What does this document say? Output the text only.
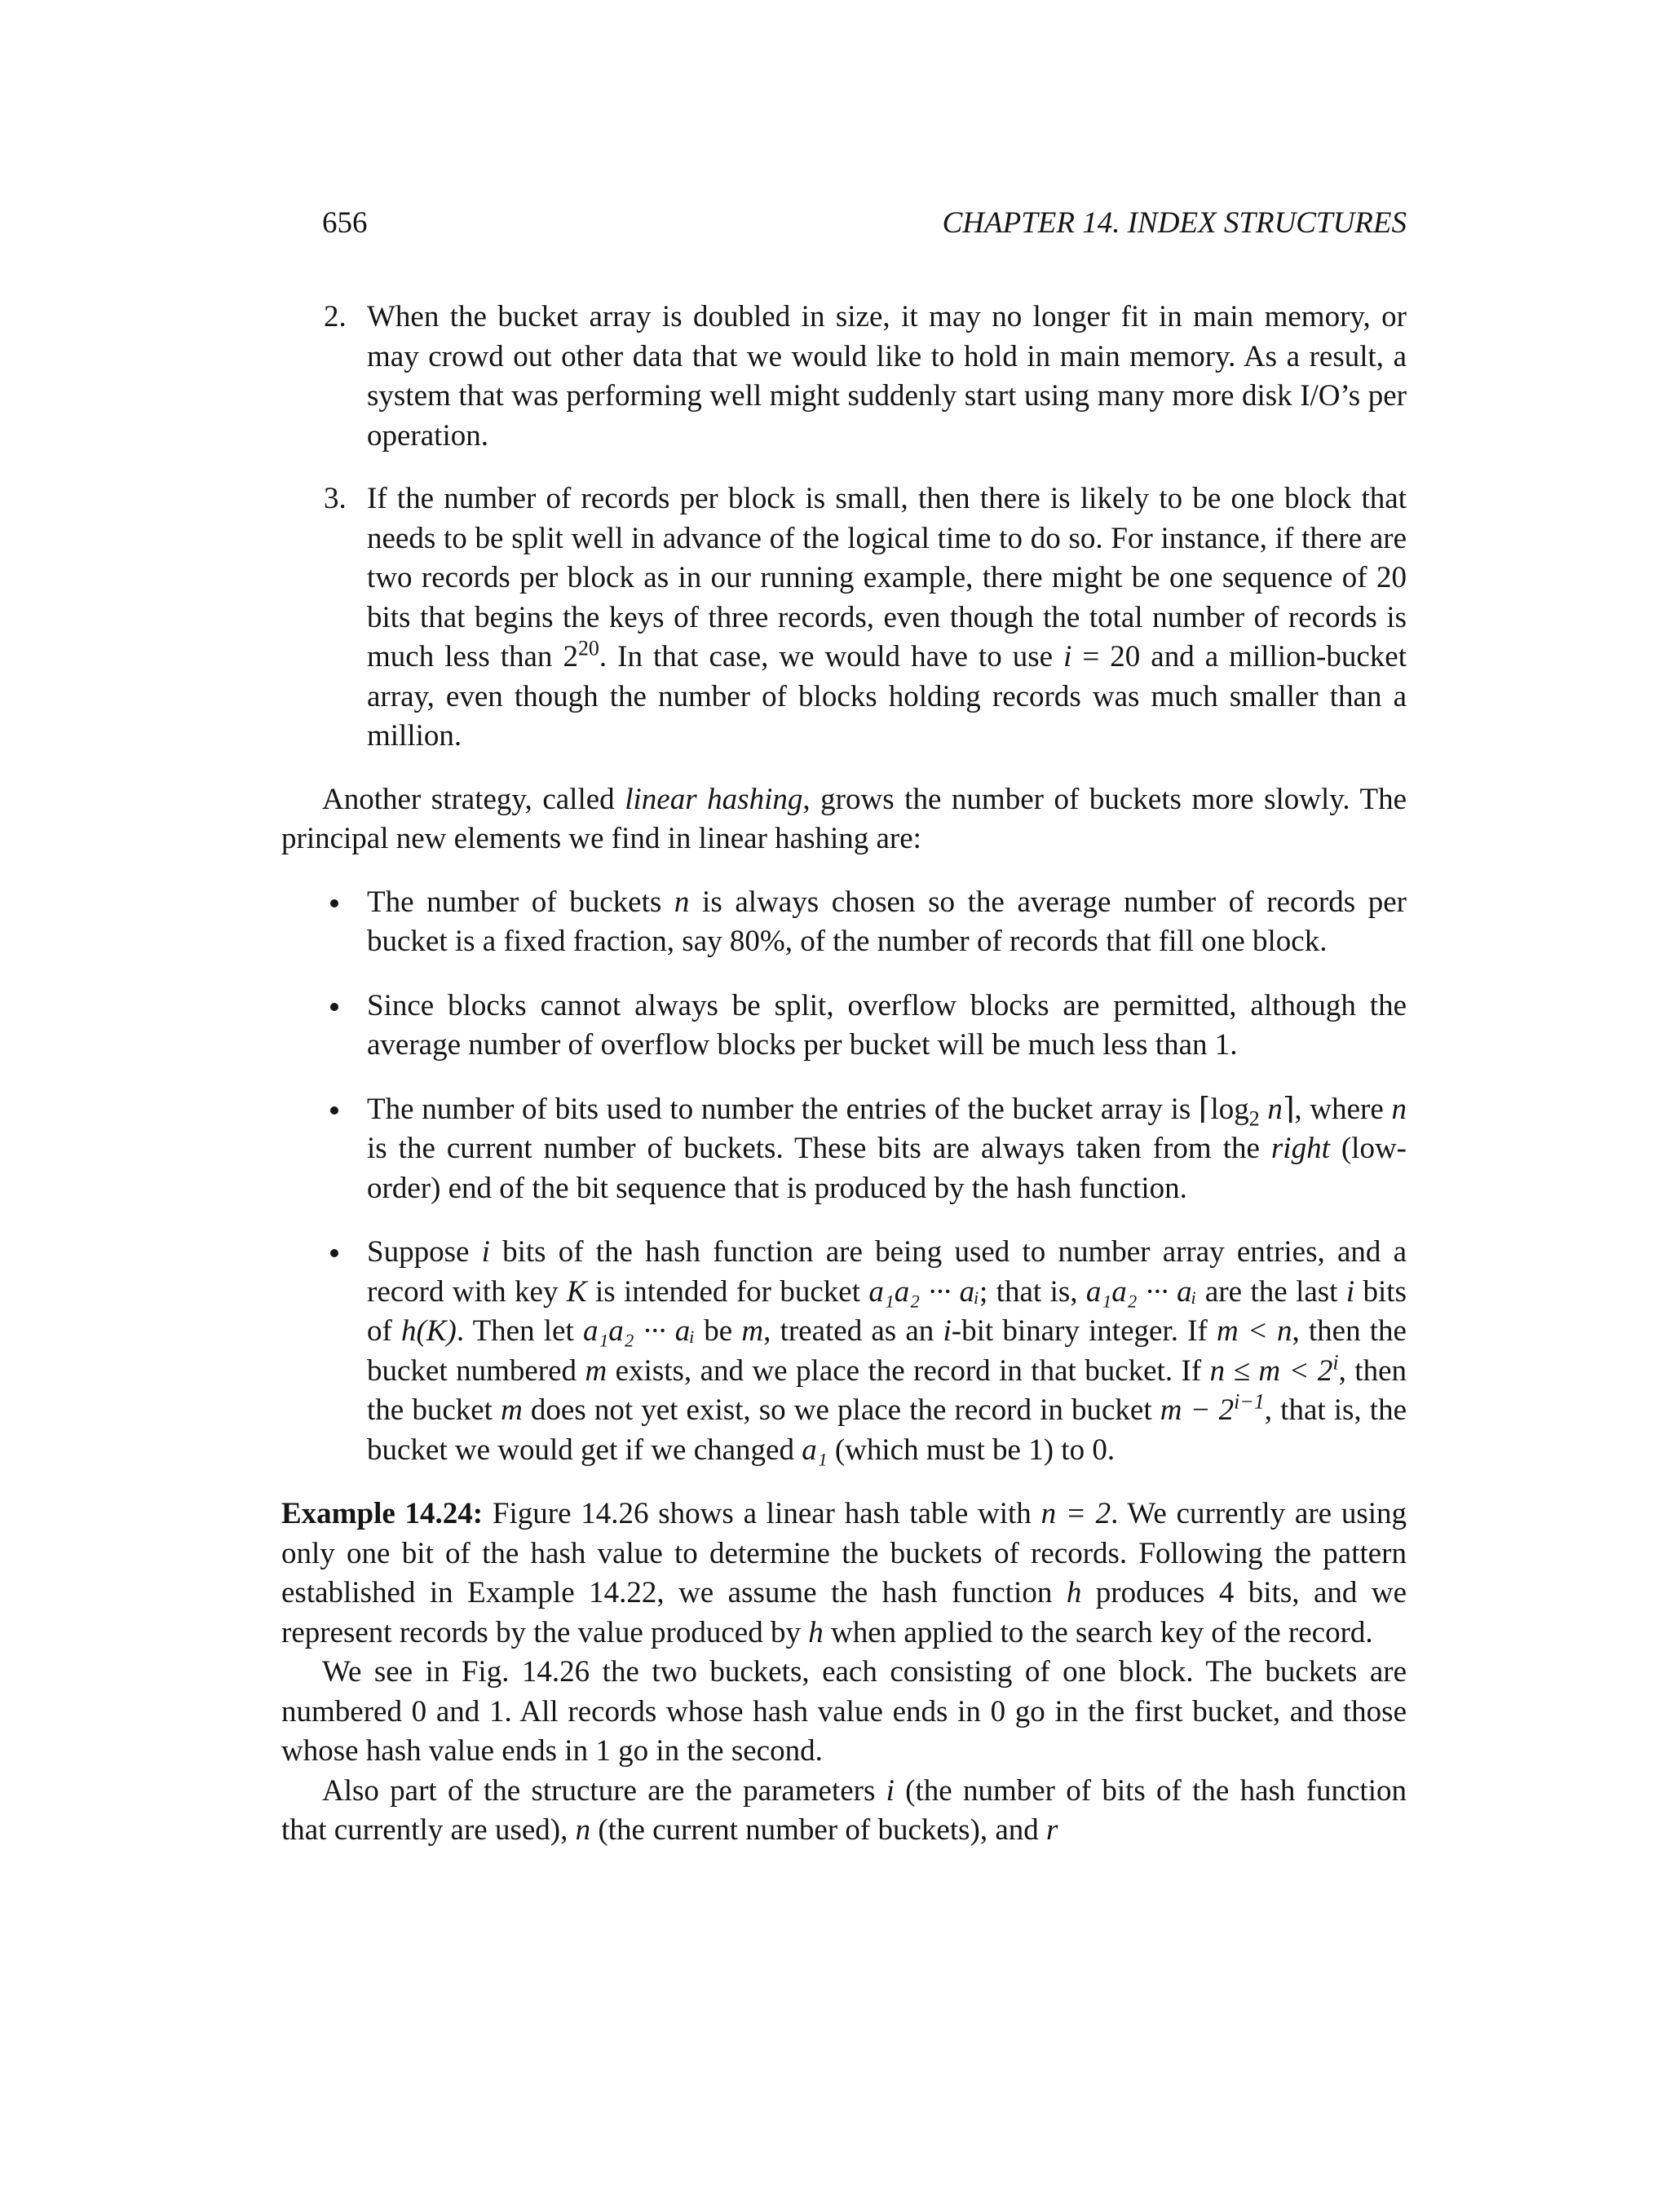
656	CHAPTER 14. INDEX STRUCTURES
2. When the bucket array is doubled in size, it may no longer fit in main memory, or may crowd out other data that we would like to hold in main memory. As a result, a system that was performing well might suddenly start using many more disk I/O’s per operation.
3. If the number of records per block is small, then there is likely to be one block that needs to be split well in advance of the logical time to do so. For instance, if there are two records per block as in our running example, there might be one sequence of 20 bits that begins the keys of three records, even though the total number of records is much less than $2^{20}$. In that case, we would have to use i = 20 and a million-bucket array, even though the number of blocks holding records was much smaller than a million.

Another strategy, called linear hashing, grows the number of buckets more slowly. The principal new elements we find in linear hashing are:

The number of buckets n is always chosen so the average number of records per bucket is a fixed fraction, say 80%, of the number of records that fill one block.
Since blocks cannot always be split, overflow blocks are permitted, although the average number of overflow blocks per bucket will be much less than 1.
The number of bits used to number the entries of the bucket array is $⌈\log_2$ n⌉, where n is the current number of buckets. These bits are always taken from the right (low-order) end of the bit sequence that is produced by the hash function.
Suppose i bits of the hash function are being used to number array entries, and a record with key K is intended for bucket a₁a₂ ··· aᵢ; that is, a₁a₂ ··· aᵢ are the last i bits of h(K). Then let a₁a₂ ··· aᵢ be m, treated as an i-bit binary integer. If m < n, then the bucket numbered m exists, and we place the record in that bucket. If $n \le m < 2^i$, then the bucket m does not yet exist, so we place the record in bucket $m - 2^{i-1}$, that is, the bucket we would get if we changed a₁ (which must be 1) to 0.

Example 14.24: Figure 14.26 shows a linear hash table with n = 2. We currently are using only one bit of the hash value to determine the buckets of records. Following the pattern established in Example 14.22, we assume the hash function h produces 4 bits, and we represent records by the value produced by h when applied to the search key of the record.

We see in Fig. 14.26 the two buckets, each consisting of one block. The buckets are numbered 0 and 1. All records whose hash value ends in 0 go in the first bucket, and those whose hash value ends in 1 go in the second.

Also part of the structure are the parameters i (the number of bits of the hash function that currently are used), n (the current number of buckets), and r
